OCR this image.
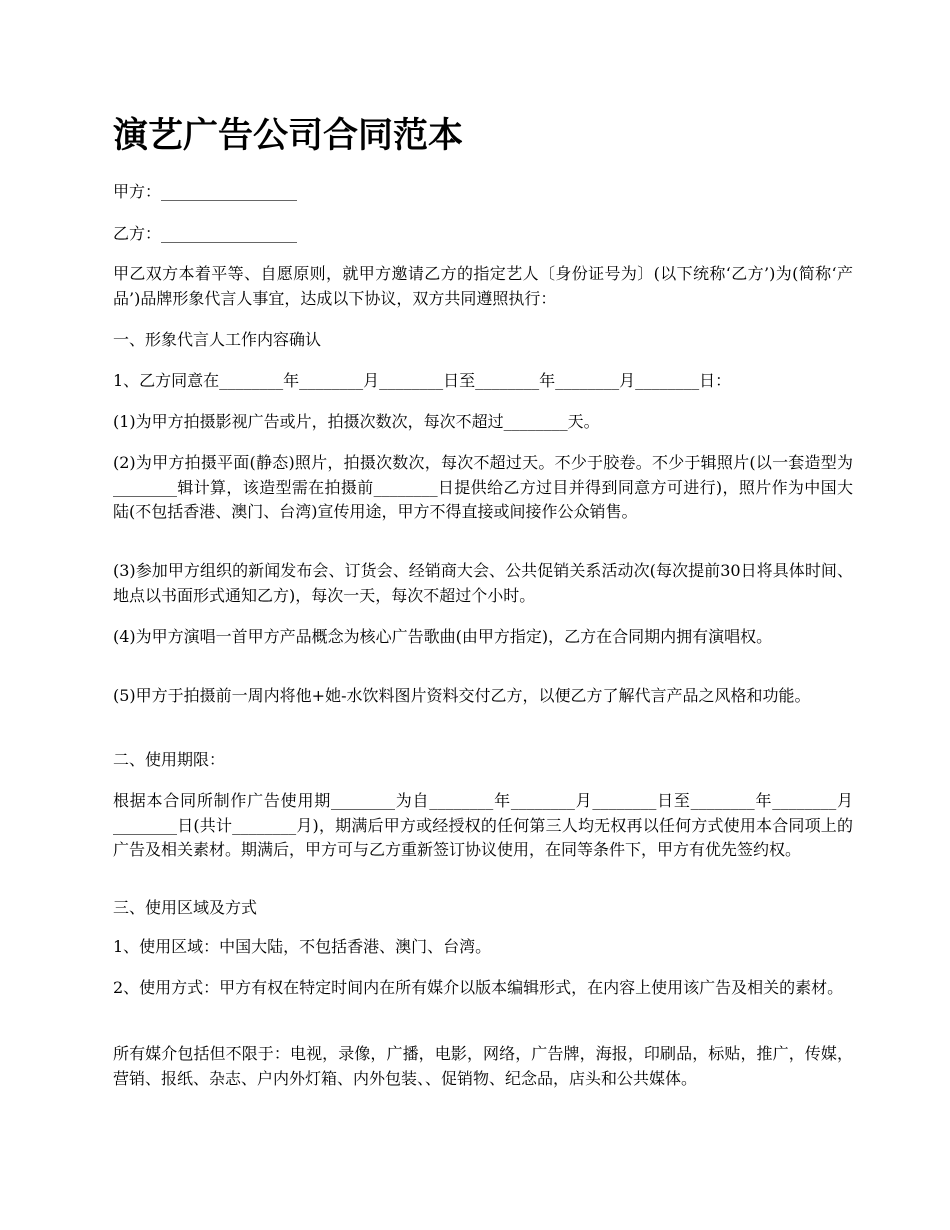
演艺广告公司合同范本

甲方：_________________

乙方：_________________

甲乙双方本着平等、自愿原则，就甲方邀请乙方的指定艺人〔身份证号为〕(以下统称‘乙方’)为(简称‘产品’)品牌形象代言人事宜，达成以下协议，双方共同遵照执行：

一、形象代言人工作内容确认

1、乙方同意在________年________月________日至________年________月________日：

(1)为甲方拍摄影视广告或片，拍摄次数次，每次不超过________天。

(2)为甲方拍摄平面(静态)照片，拍摄次数次，每次不超过天。不少于胶卷。不少于辑照片(以一套造型为________辑计算，该造型需在拍摄前________日提供给乙方过目并得到同意方可进行)，照片作为中国大陆(不包括香港、澳门、台湾)宣传用途，甲方不得直接或间接作公众销售。

(3)参加甲方组织的新闻发布会、订货会、经销商大会、公共促销关系活动次(每次提前30日将具体时间、地点以书面形式通知乙方)，每次一天，每次不超过个小时。

(4)为甲方演唱一首甲方产品概念为核心广告歌曲(由甲方指定)，乙方在合同期内拥有演唱权。

(5)甲方于拍摄前一周内将他+她-水饮料图片资料交付乙方，以便乙方了解代言产品之风格和功能。

二、使用期限：

根据本合同所制作广告使用期________为自________年________月________日至________年________月________日(共计________月)，期满后甲方或经授权的任何第三人均无权再以任何方式使用本合同项上的广告及相关素材。期满后，甲方可与乙方重新签订协议使用，在同等条件下，甲方有优先签约权。

三、使用区域及方式

1、使用区域：中国大陆，不包括香港、澳门、台湾。

2、使用方式：甲方有权在特定时间内在所有媒介以版本编辑形式，在内容上使用该广告及相关的素材。

所有媒介包括但不限于：电视，录像，广播，电影，网络，广告牌，海报，印刷品，标贴，推广，传媒，营销、报纸、杂志、户内外灯箱、内外包装、、促销物、纪念品，店头和公共媒体。
